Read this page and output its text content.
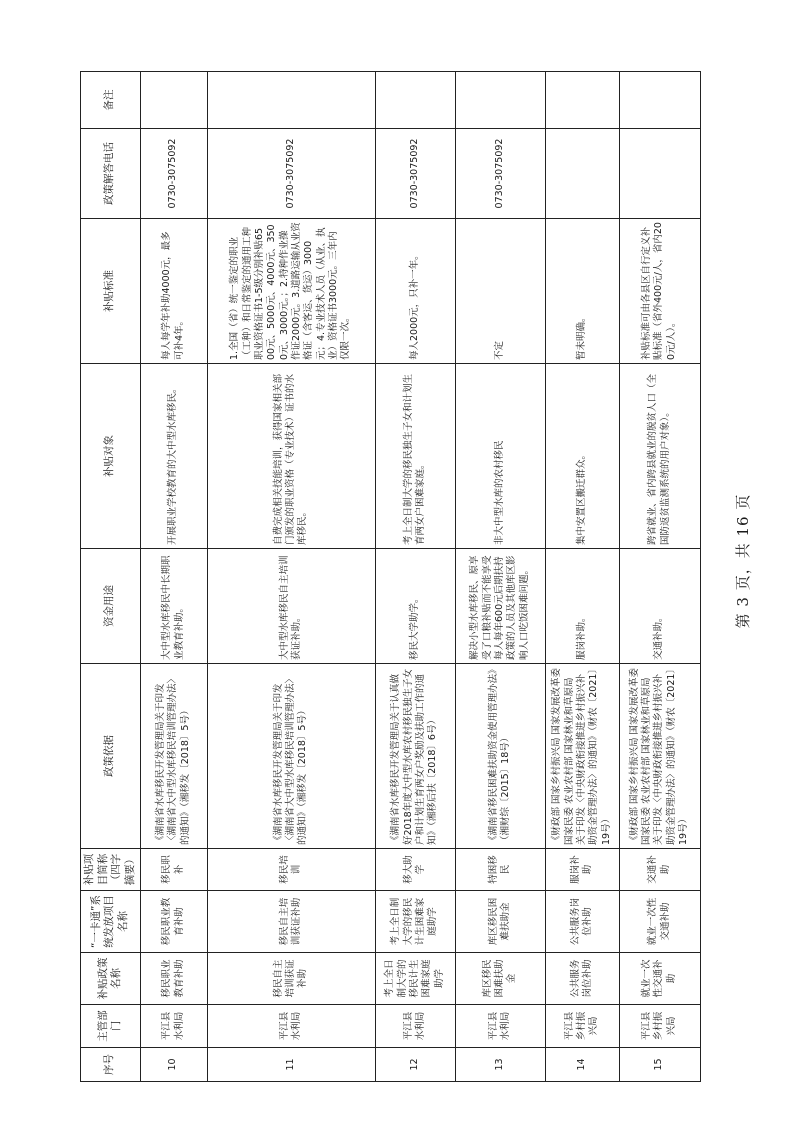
序号	主管部门	补贴政策名称	“一卡通”系统发放项目名称	补贴项目简称（四字摘要）	政策依据	资金用途	补贴对象	补贴标准	政策解答电话	备注
10	平江县水利局	移民职业教育补助	移民职业教育补助	移民职补	《湖南省水库移民开发管理局关于印发〈湖南省大中型水库移民培训管理办法〉的通知》（湘移发〔2018〕5号）	大中型水库移民中长期职业教育补助。	开展职业学校教育的大中型水库移民。	每人每学年补助4000元，最多可补4年。	0730-3075092	
11	平江县水利局	移民自主培训获证补助	移民自主培训获证补助	移民培训	《湖南省水库移民开发管理局关于印发〈湖南省大中型水库移民培训管理办法〉的通知》（湘移发〔2018〕5号）	大中型水库移民自主培训获证补助。	自费完成相关技能培训，获得国家相关部门颁发的职业资格（专业技术）证书的水库移民。	1.全国（省）统一鉴定的职业（工种）和日常鉴定的通用工种职业资格证书1-5级分别补贴6500元、5000元、4000元、3500元、3000元。；2.特种作业操作证2000元。3.道路运输从业资格证（含客运、货运）3000元；4.专业技术人员（从业、执业）资格证书3000元。三年内仅限一次。	0730-3075092	
12	平江县水利局	考上全日制大学的移民计生困难家庭助学	考上全日制大学的移民计生困难家庭助学	移大助学	《湖南省水库移民开发管理局关于认真做好2018年度大中型水库农村移民独生子女户和计划生育两女户奖励及扶助工作的通知》（湘移后扶〔2018〕6号）	移民大学助学。	考上全日制大学的移民独生子女和计划生育两女户困难家庭。	每人2000元，只补一年。	0730-3075092	
13	平江县水利局	库区移民困难扶助金	库区移民困难扶助金	特困移民	《湖南省移民困难扶助资金使用管理办法》（湘财综〔2015〕18号）	解决小型水库移民、原享受了口粮补贴而不能享受每人每年600元后期扶持政策的人员及其他库区影响人口吃饭困难问题。	非大中型水库的农村移民	不定	0730-3075092	
14	平江县乡村振兴局	公共服务岗位补助	公共服务岗位补助	服岗补助	《财政部 国家乡村振兴局 国家发展改革委 国家民委 农业农村部 国家林业和草原局 关于印发〈中央财政衔接推进乡村振兴补助资金管理办法〉的通知》（财农〔2021〕19号）	服岗补助。	集中安置区搬迁群众。	暂未明确。		
15	平江县乡村振兴局	就业一次性交通补助	就业一次性交通补助	交通补助	《财政部 国家乡村振兴局 国家发展改革委 国家民委 农业农村部 国家林业和草原局 关于印发〈中央财政衔接推进乡村振兴补助资金管理办法〉的通知》（财农〔2021〕19号）	交通补助。	跨省就业、省内跨县就业的脱贫人口（全国防返贫监测系统的用户对象）。	补贴标准可由各县区自行定义补贴标准（省外400元/人，省内200元/人）。		
第 3 页，共 16 页
